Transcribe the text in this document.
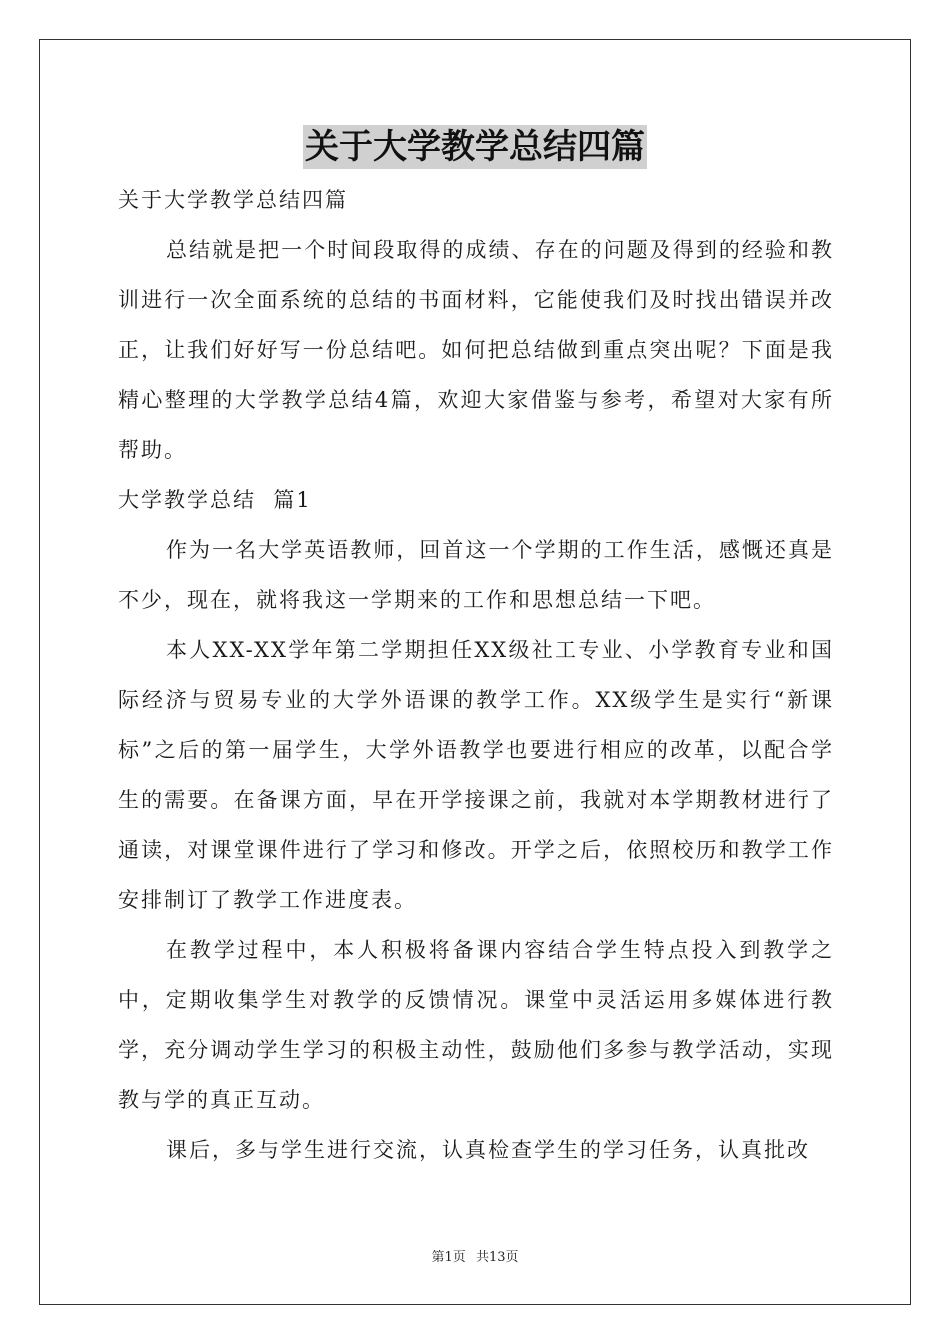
关于大学教学总结四篇

关于大学教学总结四篇

总结就是把一个时间段取得的成绩、存在的问题及得到的经验和教训进行一次全面系统的总结的书面材料，它能使我们及时找出错误并改正，让我们好好写一份总结吧。如何把总结做到重点突出呢？下面是我精心整理的大学教学总结4篇，欢迎大家借鉴与参考，希望对大家有所帮助。

大学教学总结  篇1

作为一名大学英语教师，回首这一个学期的工作生活，感慨还真是不少，现在，就将我这一学期来的工作和思想总结一下吧。

本人XX-XX学年第二学期担任XX级社工专业、小学教育专业和国际经济与贸易专业的大学外语课的教学工作。XX级学生是实行“新课标”之后的第一届学生，大学外语教学也要进行相应的改革，以配合学生的需要。在备课方面，早在开学接课之前，我就对本学期教材进行了通读，对课堂课件进行了学习和修改。开学之后，依照校历和教学工作安排制订了教学工作进度表。

在教学过程中，本人积极将备课内容结合学生特点投入到教学之中，定期收集学生对教学的反馈情况。课堂中灵活运用多媒体进行教学，充分调动学生学习的积极主动性，鼓励他们多参与教学活动，实现教与学的真正互动。

课后，多与学生进行交流，认真检查学生的学习任务，认真批改

第1页 共13页
